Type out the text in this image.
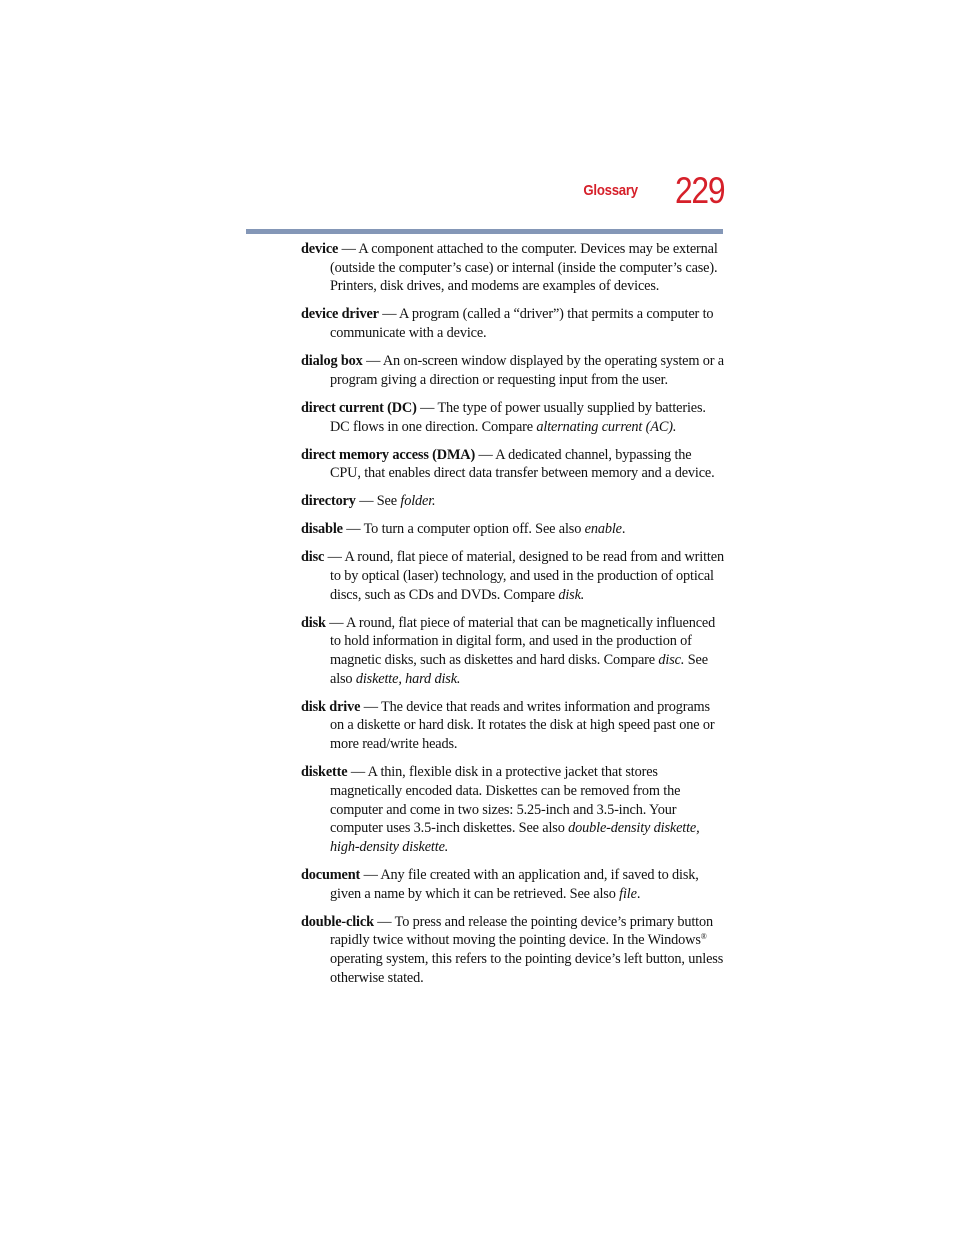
Glossary 229

device — A component attached to the computer. Devices may be external (outside the computer’s case) or internal (inside the computer’s case). Printers, disk drives, and modems are examples of devices.

device driver — A program (called a “driver”) that permits a computer to communicate with a device.

dialog box — An on-screen window displayed by the operating system or a program giving a direction or requesting input from the user.

direct current (DC) — The type of power usually supplied by batteries. DC flows in one direction. Compare alternating current (AC).

direct memory access (DMA) — A dedicated channel, bypassing the CPU, that enables direct data transfer between memory and a device.

directory — See folder.

disable — To turn a computer option off. See also enable.

disc — A round, flat piece of material, designed to be read from and written to by optical (laser) technology, and used in the production of optical discs, such as CDs and DVDs. Compare disk.

disk — A round, flat piece of material that can be magnetically influenced to hold information in digital form, and used in the production of magnetic disks, such as diskettes and hard disks. Compare disc. See also diskette, hard disk.

disk drive — The device that reads and writes information and programs on a diskette or hard disk. It rotates the disk at high speed past one or more read/write heads.

diskette — A thin, flexible disk in a protective jacket that stores magnetically encoded data. Diskettes can be removed from the computer and come in two sizes: 5.25-inch and 3.5-inch. Your computer uses 3.5-inch diskettes. See also double-density diskette, high-density diskette.

document — Any file created with an application and, if saved to disk, given a name by which it can be retrieved. See also file.

double-click — To press and release the pointing device’s primary button rapidly twice without moving the pointing device. In the Windows® operating system, this refers to the pointing device’s left button, unless otherwise stated.
